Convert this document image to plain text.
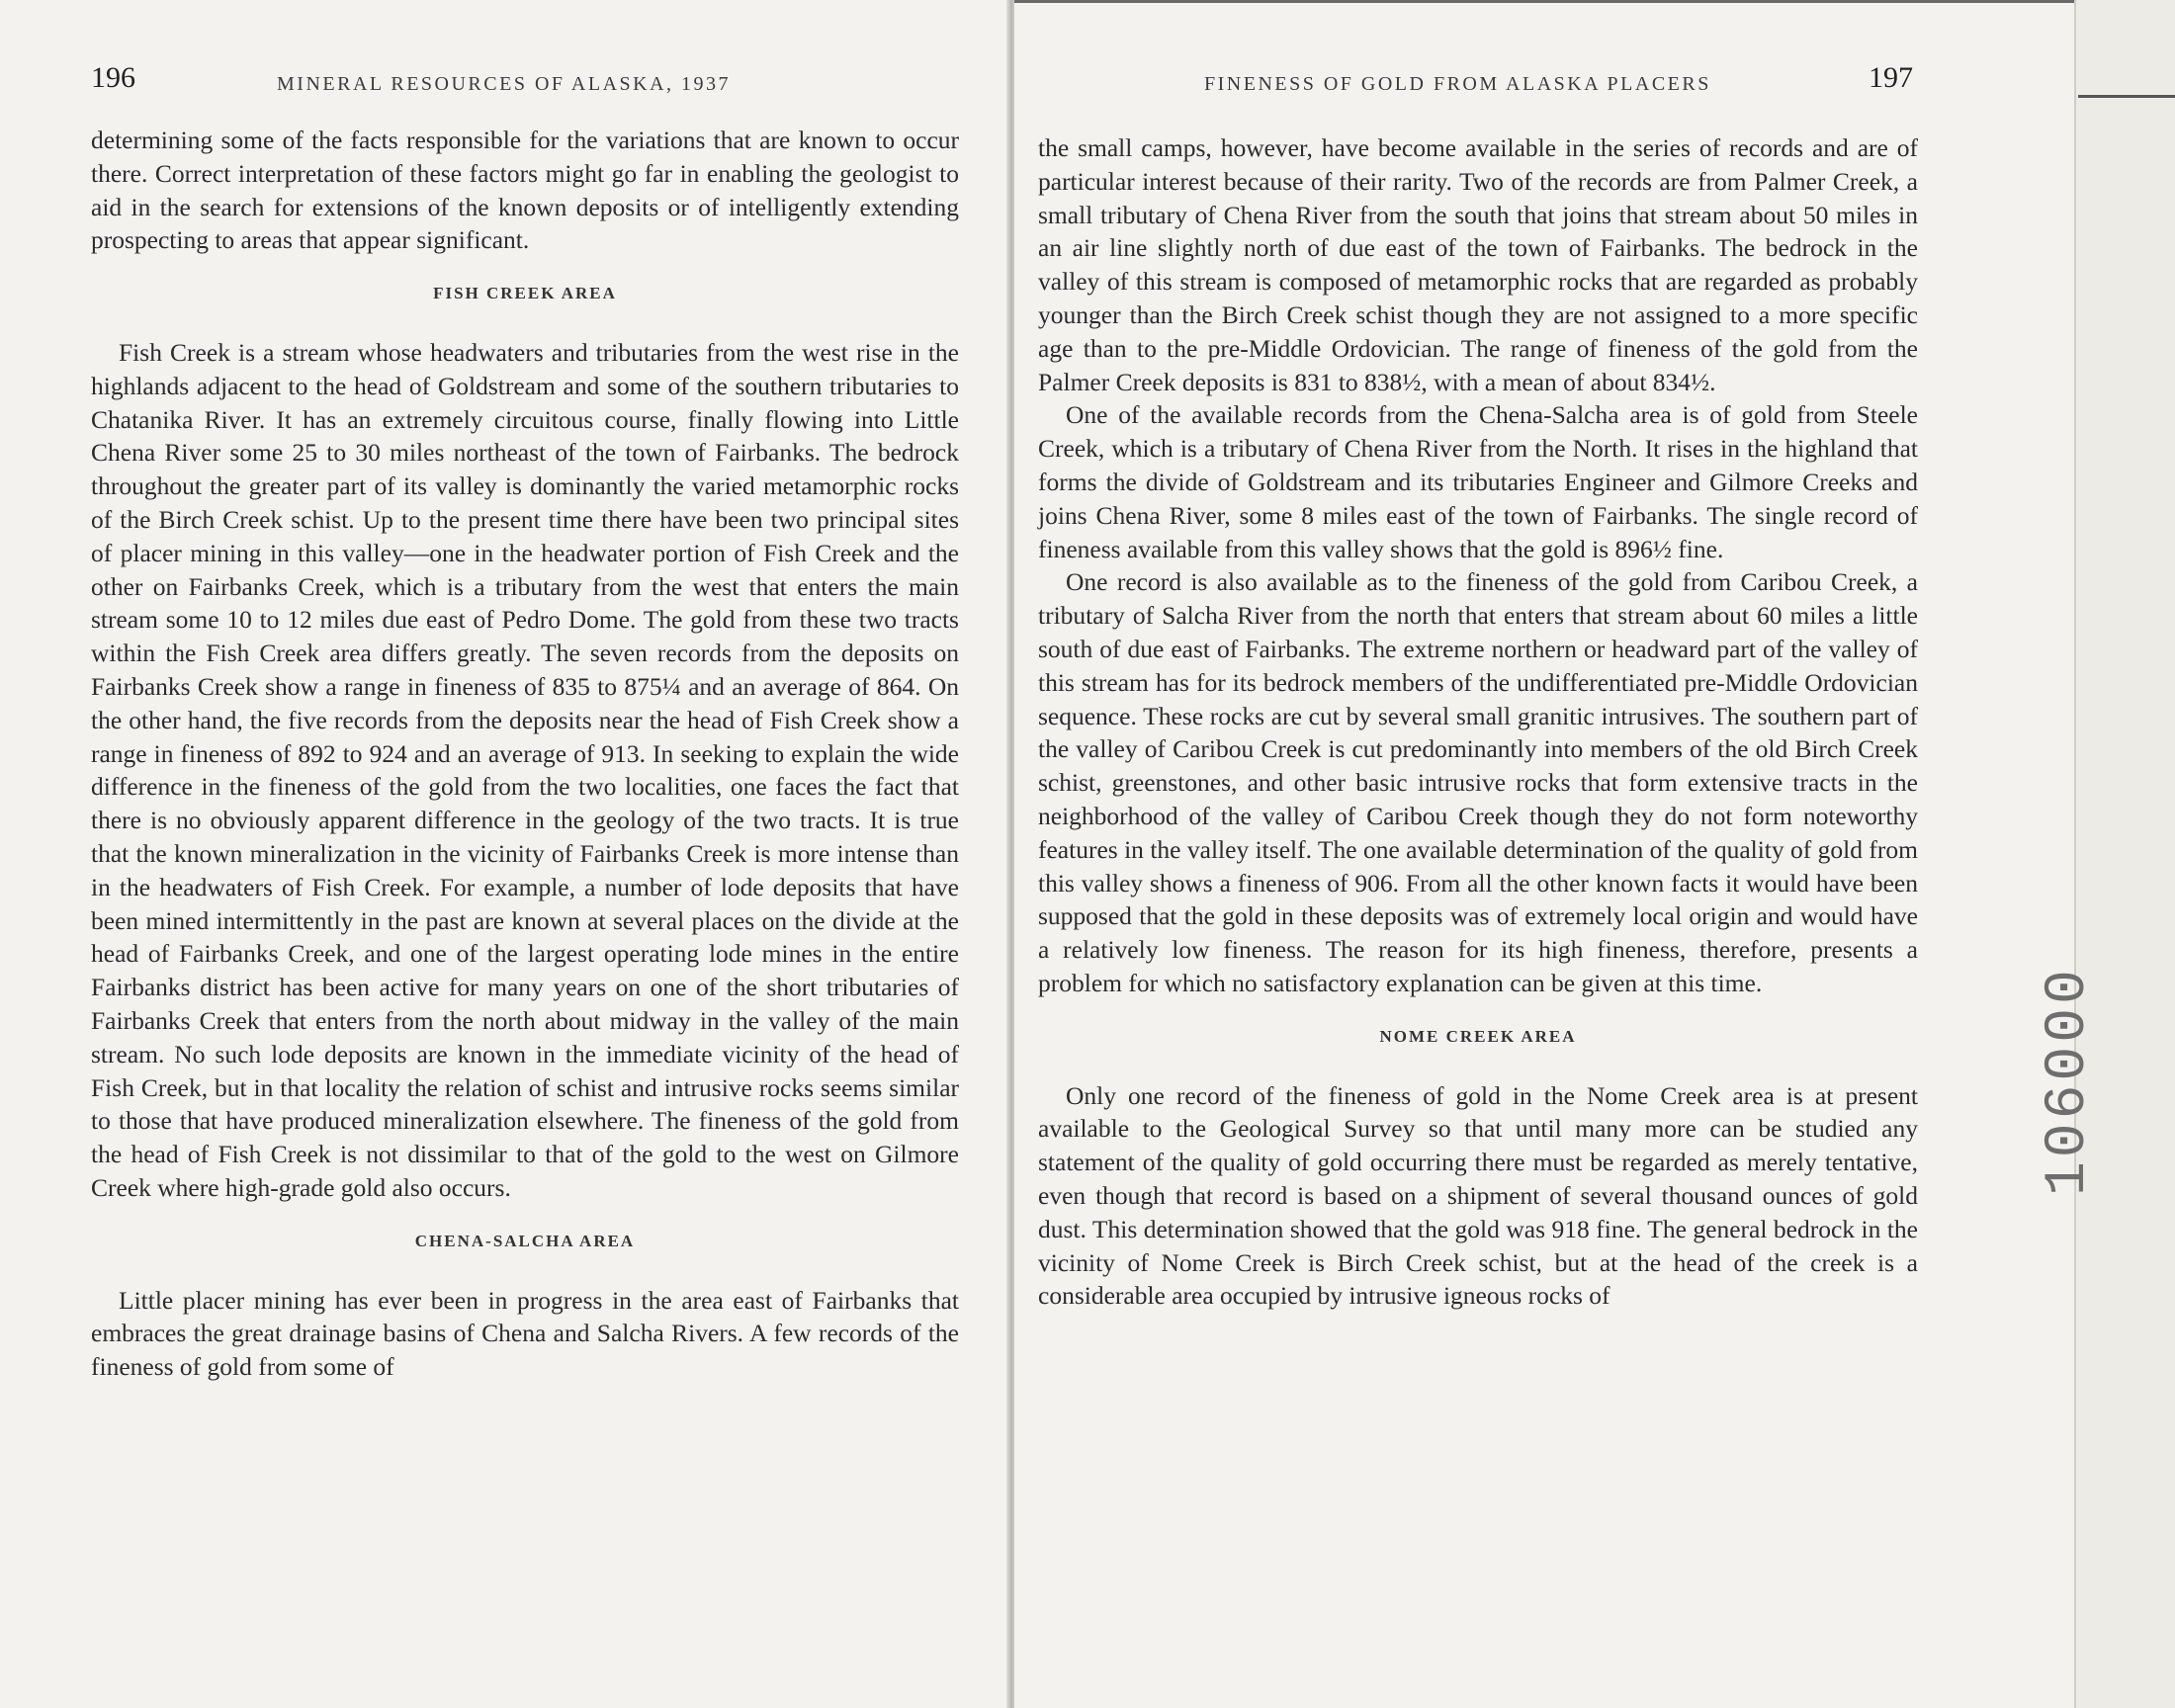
196	MINERAL RESOURCES OF ALASKA, 1937

determining some of the facts responsible for the variations that are known to occur there. Correct interpretation of these factors might go far in enabling the geologist to aid in the search for extensions of the known deposits or of intelligently extending prospecting to areas that appear significant.

FISH CREEK AREA

Fish Creek is a stream whose headwaters and tributaries from the west rise in the highlands adjacent to the head of Goldstream and some of the southern tributaries to Chatanika River. It has an extremely circuitous course, finally flowing into Little Chena River some 25 to 30 miles northeast of the town of Fairbanks. The bedrock throughout the greater part of its valley is dominantly the varied metamorphic rocks of the Birch Creek schist. Up to the present time there have been two principal sites of placer mining in this valley—one in the headwater portion of Fish Creek and the other on Fairbanks Creek, which is a tributary from the west that enters the main stream some 10 to 12 miles due east of Pedro Dome. The gold from these two tracts within the Fish Creek area differs greatly. The seven records from the deposits on Fairbanks Creek show a range in fineness of 835 to 875¼ and an average of 864. On the other hand, the five records from the deposits near the head of Fish Creek show a range in fineness of 892 to 924 and an average of 913. In seeking to explain the wide difference in the fineness of the gold from the two localities, one faces the fact that there is no obviously apparent difference in the geology of the two tracts. It is true that the known mineralization in the vicinity of Fairbanks Creek is more intense than in the headwaters of Fish Creek. For example, a number of lode deposits that have been mined intermittently in the past are known at several places on the divide at the head of Fairbanks Creek, and one of the largest operating lode mines in the entire Fairbanks district has been active for many years on one of the short tributaries of Fairbanks Creek that enters from the north about midway in the valley of the main stream. No such lode deposits are known in the immediate vicinity of the head of Fish Creek, but in that locality the relation of schist and intrusive rocks seems similar to those that have produced mineralization elsewhere. The fineness of the gold from the head of Fish Creek is not dissimilar to that of the gold to the west on Gilmore Creek where high-grade gold also occurs.

CHENA-SALCHA AREA

Little placer mining has ever been in progress in the area east of Fairbanks that embraces the great drainage basins of Chena and Salcha Rivers. A few records of the fineness of gold from some of

FINENESS OF GOLD FROM ALASKA PLACERS	197

the small camps, however, have become available in the series of records and are of particular interest because of their rarity. Two of the records are from Palmer Creek, a small tributary of Chena River from the south that joins that stream about 50 miles in an air line slightly north of due east of the town of Fairbanks. The bedrock in the valley of this stream is composed of metamorphic rocks that are regarded as probably younger than the Birch Creek schist though they are not assigned to a more specific age than to the pre-Middle Ordovician. The range of fineness of the gold from the Palmer Creek deposits is 831 to 838½, with a mean of about 834½.

One of the available records from the Chena-Salcha area is of gold from Steele Creek, which is a tributary of Chena River from the North. It rises in the highland that forms the divide of Goldstream and its tributaries Engineer and Gilmore Creeks and joins Chena River, some 8 miles east of the town of Fairbanks. The single record of fineness available from this valley shows that the gold is 896½ fine.

One record is also available as to the fineness of the gold from Caribou Creek, a tributary of Salcha River from the north that enters that stream about 60 miles a little south of due east of Fairbanks. The extreme northern or headward part of the valley of this stream has for its bedrock members of the undifferentiated pre-Middle Ordovician sequence. These rocks are cut by several small granitic intrusives. The southern part of the valley of Caribou Creek is cut predominantly into members of the old Birch Creek schist, greenstones, and other basic intrusive rocks that form extensive tracts in the neighborhood of the valley of Caribou Creek though they do not form noteworthy features in the valley itself. The one available determination of the quality of gold from this valley shows a fineness of 906. From all the other known facts it would have been supposed that the gold in these deposits was of extremely local origin and would have a relatively low fineness. The reason for its high fineness, therefore, presents a problem for which no satisfactory explanation can be given at this time.

NOME CREEK AREA

Only one record of the fineness of gold in the Nome Creek area is at present available to the Geological Survey so that until many more can be studied any statement of the quality of gold occurring there must be regarded as merely tentative, even though that record is based on a shipment of several thousand ounces of gold dust. This determination showed that the gold was 918 fine. The general bedrock in the vicinity of Nome Creek is Birch Creek schist, but at the head of the creek is a considerable area occupied by intrusive igneous rocks of

106000
